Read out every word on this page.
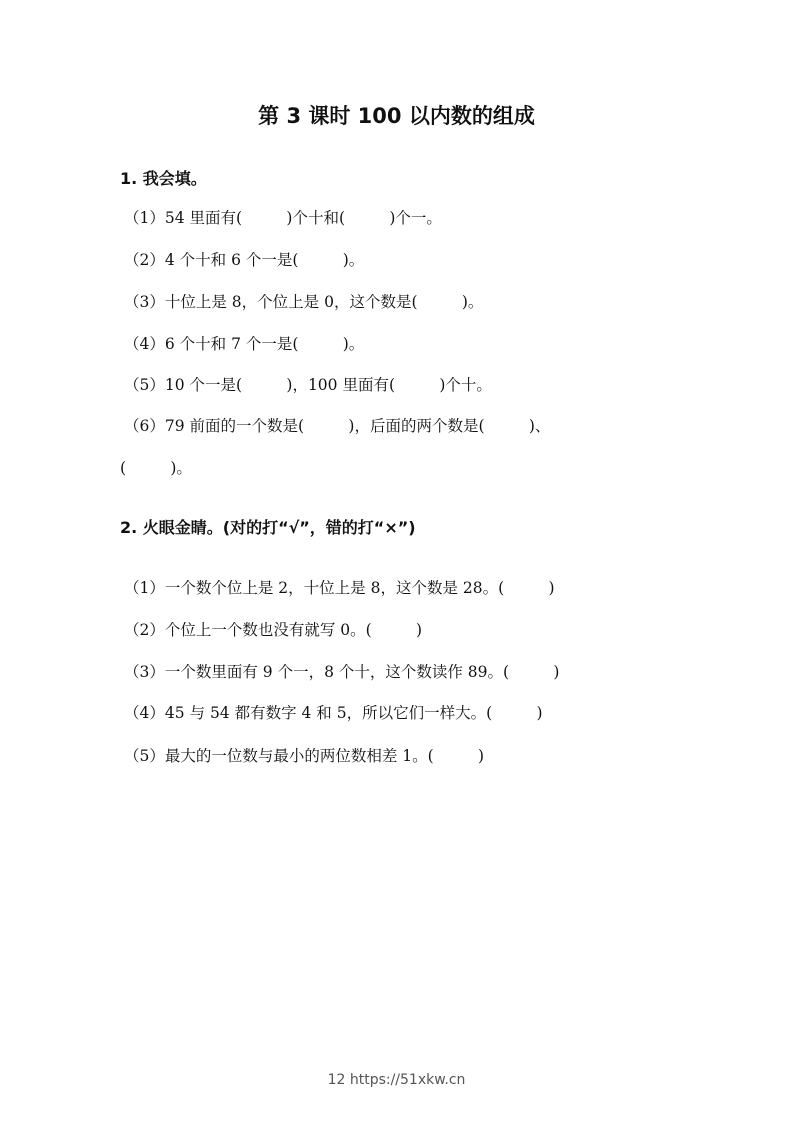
第 3 课时 100 以内数的组成
1. 我会填。
（1）54 里面有(         )个十和(         )个一。
（2）4 个十和 6 个一是(         )。
（3）十位上是 8，个位上是 0，这个数是(         )。
（4）6 个十和 7 个一是(         )。
（5）10 个一是(         )，100 里面有(         )个十。
（6）79 前面的一个数是(         )，后面的两个数是(         )、
(         )。
2. 火眼金睛。(对的打“√”，错的打“×”)
（1）一个数个位上是 2，十位上是 8，这个数是 28。(         )
（2）个位上一个数也没有就写 0。(         )
（3）一个数里面有 9 个一，8 个十，这个数读作 89。(         )
（4）45 与 54 都有数字 4 和 5，所以它们一样大。(         )
（5）最大的一位数与最小的两位数相差 1。(         )
12 https://51xkw.cn
